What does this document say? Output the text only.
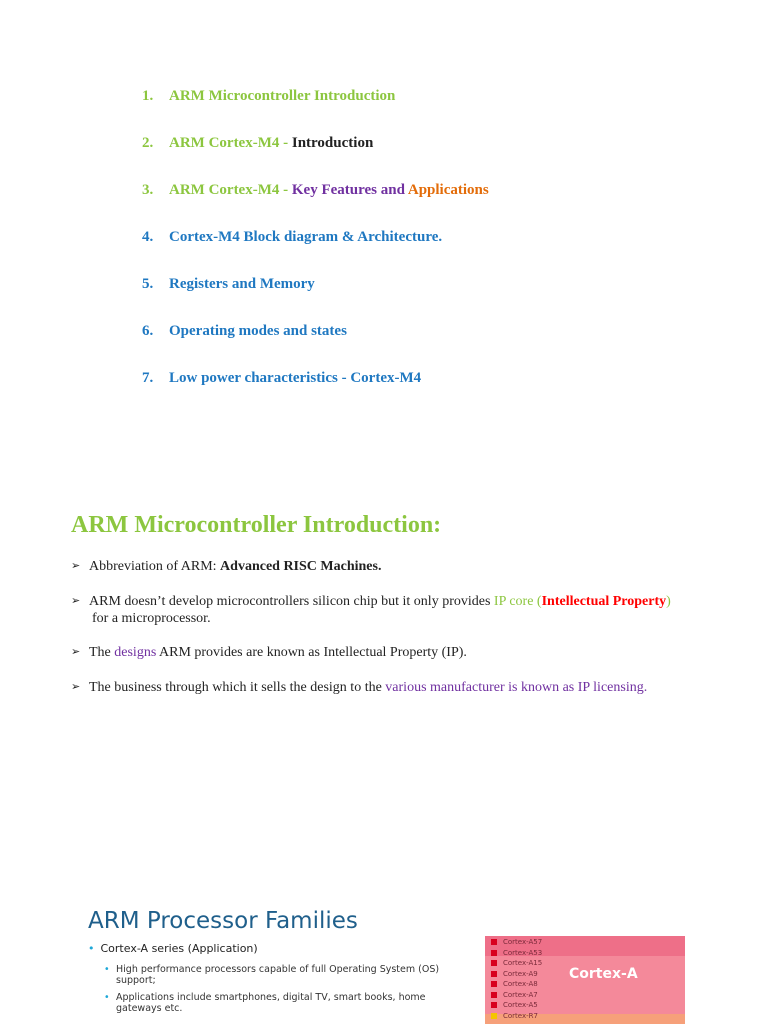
1. ARM Microcontroller Introduction
2. ARM Cortex-M4 - Introduction
3. ARM Cortex-M4 - Key Features and Applications
4. Cortex-M4 Block diagram & Architecture.
5. Registers and Memory
6. Operating modes and states
7. Low power characteristics - Cortex-M4
ARM Microcontroller Introduction:
➢ Abbreviation of ARM: Advanced RISC Machines.
➢ ARM doesn’t develop microcontrollers silicon chip but it only provides IP core (Intellectual Property)
for a microprocessor.
➢ The designs ARM provides are known as Intellectual Property (IP).
➢ The business through which it sells the design to the various manufacturer is known as IP licensing.
ARM Processor Families
• Cortex-A series (Application)
• High performance processors capable of full Operating System (OS) support;
• Applications include smartphones, digital TV, smart books, home gateways etc.
Cortex-A
Cortex-A57
Cortex-A53
Cortex-A15
Cortex-A9
Cortex-A8
Cortex-A7
Cortex-A5
Cortex-R7
